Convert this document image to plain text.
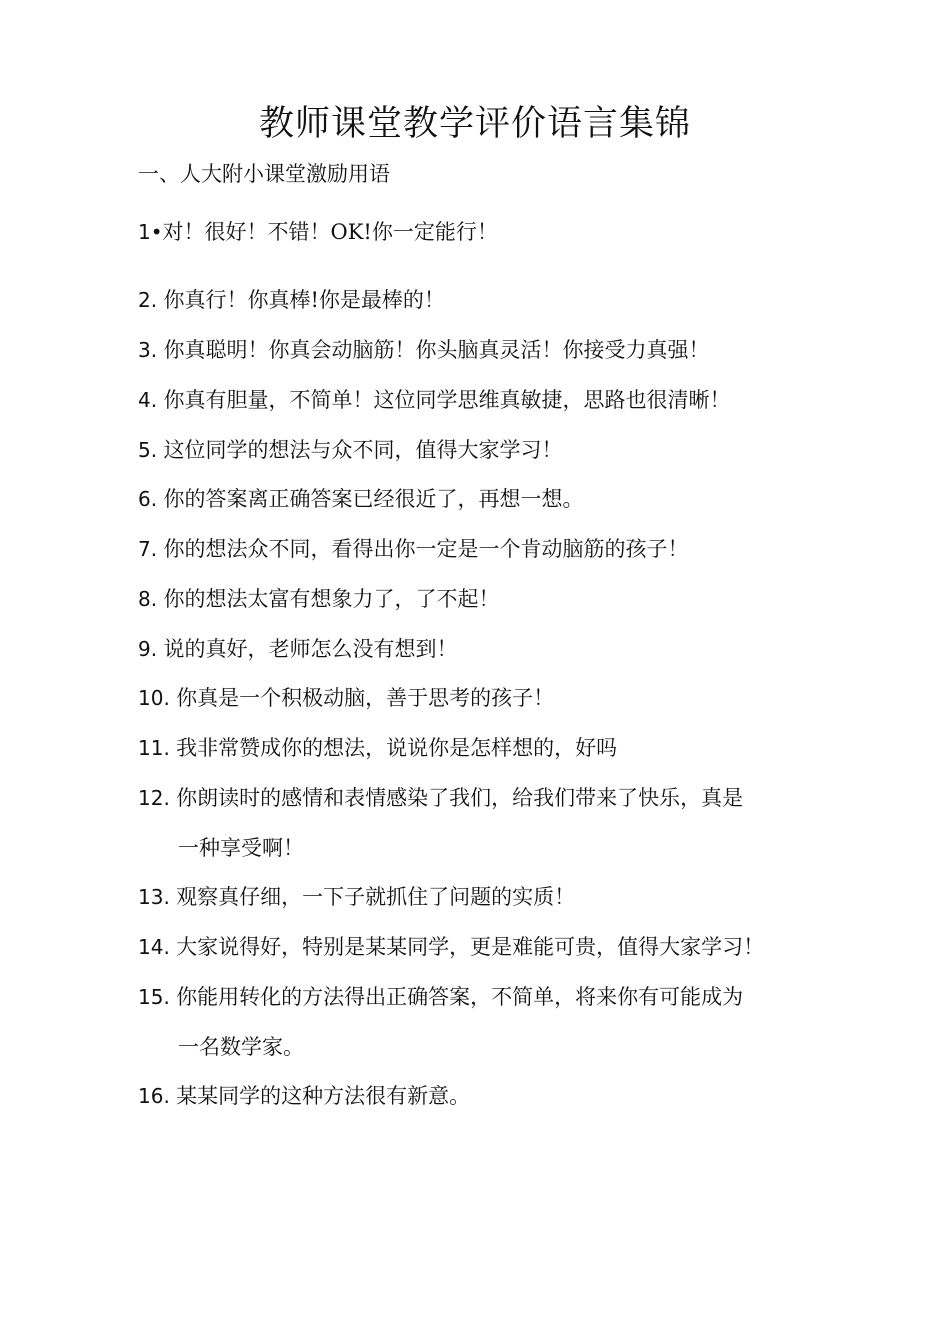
教师课堂教学评价语言集锦
一、人大附小课堂激励用语
1•对！很好！不错！OK!你一定能行！
2. 你真行！你真棒!你是最棒的！
3. 你真聪明！你真会动脑筋！你头脑真灵活！你接受力真强！
4. 你真有胆量，不简单！这位同学思维真敏捷，思路也很清晰！
5. 这位同学的想法与众不同，值得大家学习！
6. 你的答案离正确答案已经很近了，再想一想。
7. 你的想法众不同，看得出你一定是一个肯动脑筋的孩子！
8. 你的想法太富有想象力了，了不起！
9. 说的真好，老师怎么没有想到！
10. 你真是一个积极动脑，善于思考的孩子！
11. 我非常赞成你的想法，说说你是怎样想的，好吗
12. 你朗读时的感情和表情感染了我们，给我们带来了快乐，真是
一种享受啊！
13. 观察真仔细，一下子就抓住了问题的实质！
14. 大家说得好，特别是某某同学，更是难能可贵，值得大家学习！
15. 你能用转化的方法得出正确答案，不简单，将来你有可能成为
一名数学家。
16. 某某同学的这种方法很有新意。
